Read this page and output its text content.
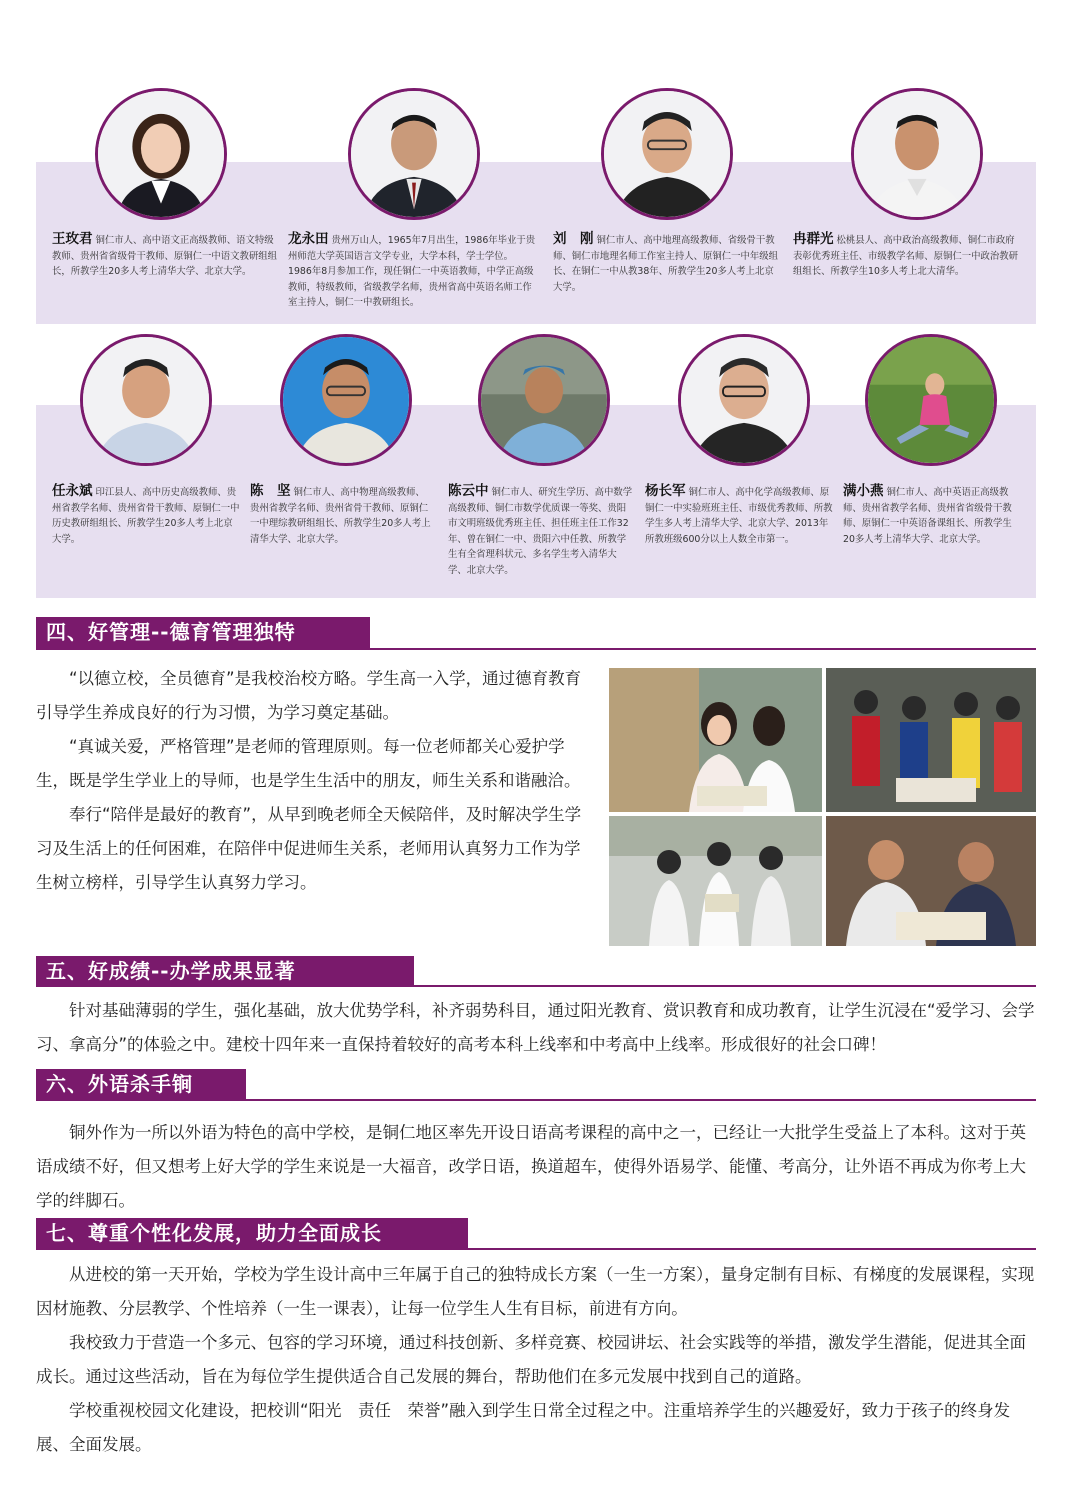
王玫君 铜仁市人、高中语文正高级教师、语文特级教师、贵州省省级骨干教师、原铜仁一中语文教研组组长，所教学生20多人考上清华大学、北京大学。
龙永田 贵州万山人，1965年7月出生，1986年毕业于贵州师范大学英国语言文学专业，大学本科，学士学位。1986年8月参加工作，现任铜仁一中英语教师，中学正高级教师，特级教师，省级教学名师，贵州省高中英语名师工作室主持人，铜仁一中教研组长。
刘　刚 铜仁市人、高中地理高级教师、省级骨干教师、铜仁市地理名师工作室主持人、原铜仁一中年级组长、在铜仁一中从教38年、所教学生20多人考上北京大学。
冉群光 松桃县人、高中政治高级教师、铜仁市政府表彰优秀班主任、市级教学名师、原铜仁一中政治教研组组长、所教学生10多人考上北大清华。
任永斌 印江县人、高中历史高级教师、贵州省教学名师、贵州省骨干教师、原铜仁一中历史教研组组长、所教学生20多人考上北京大学。
陈　坚 铜仁市人、高中物理高级教师、贵州省教学名师、贵州省骨干教师、原铜仁一中理综教研组组长、所教学生20多人考上清华大学、北京大学。
陈云中 铜仁市人、研究生学历、高中数学高级教师、铜仁市数学优质课一等奖、贵阳市文明班级优秀班主任、担任班主任工作32年、曾在铜仁一中、贵阳六中任教、所教学生有全省理科状元、多名学生考入清华大学、北京大学。
杨长军 铜仁市人、高中化学高级教师、原铜仁一中实验班班主任、市级优秀教师、所教学生多人考上清华大学、北京大学、2013年所教班级600分以上人数全市第一。
满小燕 铜仁市人、高中英语正高级教师、贵州省教学名师、贵州省省级骨干教师、原铜仁一中英语备课组长、所教学生20多人考上清华大学、北京大学。
四、好管理--德育管理独特

“以德立校，全员德育”是我校治校方略。学生高一入学，通过德育教育引导学生养成良好的行为习惯，为学习奠定基础。

“真诚关爱，严格管理”是老师的管理原则。每一位老师都关心爱护学生，既是学生学业上的导师，也是学生生活中的朋友，师生关系和谐融洽。

奉行“陪伴是最好的教育”，从早到晚老师全天候陪伴，及时解决学生学习及生活上的任何困难，在陪伴中促进师生关系，老师用认真努力工作为学生树立榜样，引导学生认真努力学习。

五、好成绩--办学成果显著

针对基础薄弱的学生，强化基础，放大优势学科，补齐弱势科目，通过阳光教育、赏识教育和成功教育，让学生沉浸在“爱学习、会学习、拿高分”的体验之中。建校十四年来一直保持着较好的高考本科上线率和中考高中上线率。形成很好的社会口碑！

六、外语杀手锏

铜外作为一所以外语为特色的高中学校，是铜仁地区率先开设日语高考课程的高中之一，已经让一大批学生受益上了本科。这对于英语成绩不好，但又想考上好大学的学生来说是一大福音，改学日语，换道超车，使得外语易学、能懂、考高分，让外语不再成为你考上大学的绊脚石。

七、尊重个性化发展，助力全面成长

从进校的第一天开始，学校为学生设计高中三年属于自己的独特成长方案（一生一方案），量身定制有目标、有梯度的发展课程，实现因材施教、分层教学、个性培养（一生一课表），让每一位学生人生有目标，前进有方向。

我校致力于营造一个多元、包容的学习环境，通过科技创新、多样竞赛、校园讲坛、社会实践等的举措，激发学生潜能，促进其全面成长。通过这些活动，旨在为每位学生提供适合自己发展的舞台，帮助他们在多元发展中找到自己的道路。

学校重视校园文化建设，把校训“阳光　责任　荣誉”融入到学生日常全过程之中。注重培养学生的兴趣爱好，致力于孩子的终身发展、全面发展。
